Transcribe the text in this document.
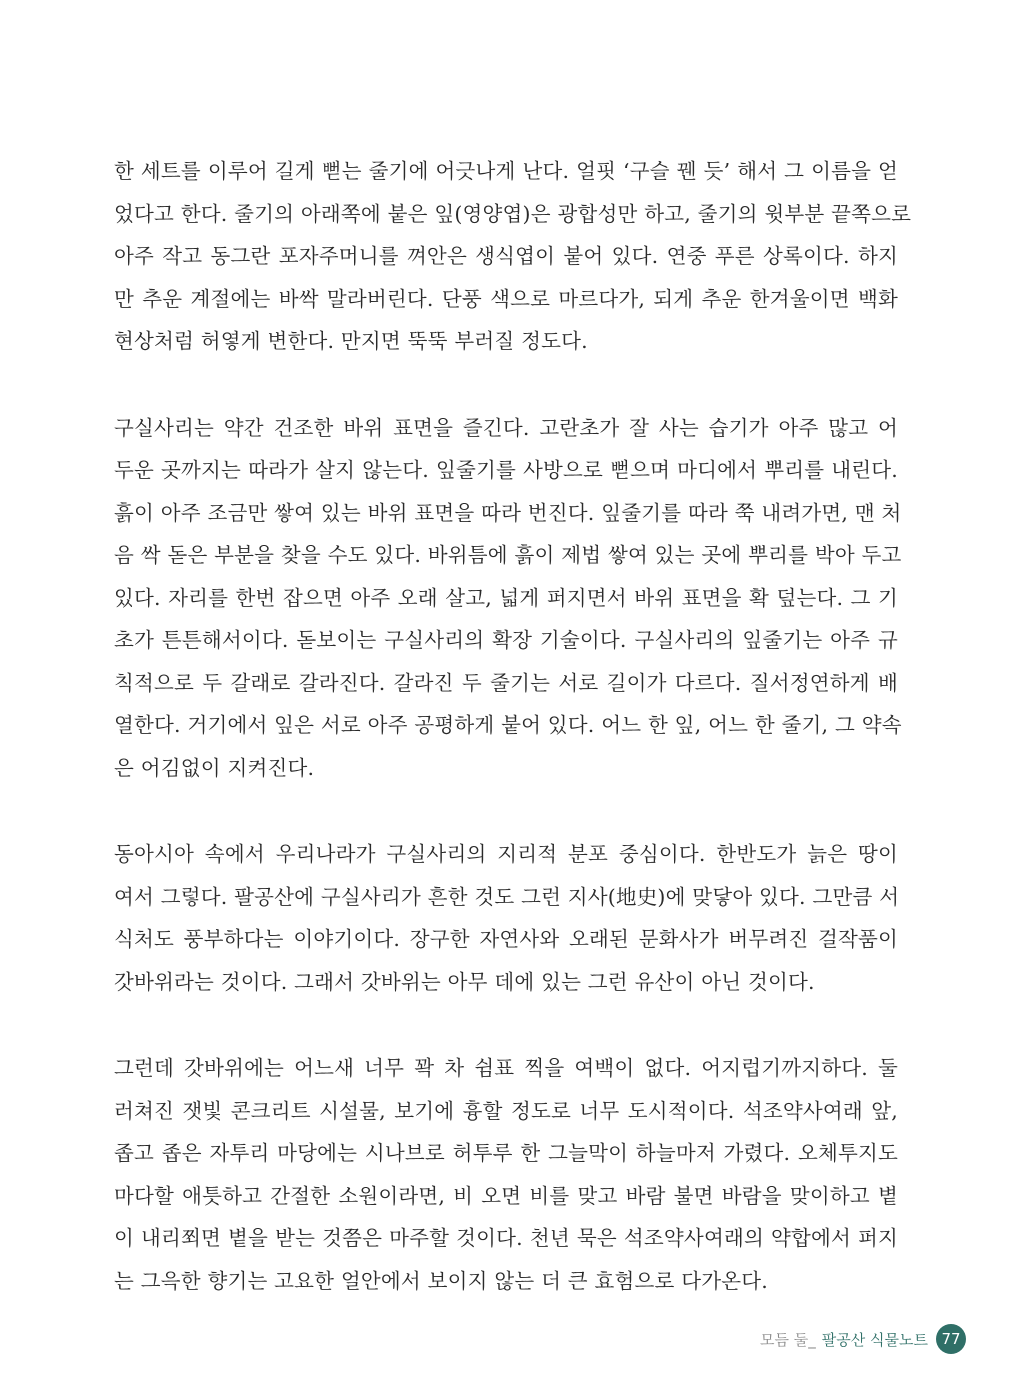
한 세트를 이루어 길게 뻗는 줄기에 어긋나게 난다. 얼핏 ‘구슬 꿴 듯’ 해서 그 이름을 얻
었다고 한다. 줄기의 아래쪽에 붙은 잎(영양엽)은 광합성만 하고, 줄기의 윗부분 끝쪽으로
아주 작고 동그란 포자주머니를 껴안은 생식엽이 붙어 있다. 연중 푸른 상록이다. 하지
만 추운 계절에는 바싹 말라버린다. 단풍 색으로 마르다가, 되게 추운 한겨울이면 백화
현상처럼 허옇게 변한다. 만지면 뚝뚝 부러질 정도다.

구실사리는 약간 건조한 바위 표면을 즐긴다. 고란초가 잘 사는 습기가 아주 많고 어
두운 곳까지는 따라가 살지 않는다. 잎줄기를 사방으로 뻗으며 마디에서 뿌리를 내린다.
흙이 아주 조금만 쌓여 있는 바위 표면을 따라 번진다. 잎줄기를 따라 쭉 내려가면, 맨 처
음 싹 돋은 부분을 찾을 수도 있다. 바위틈에 흙이 제법 쌓여 있는 곳에 뿌리를 박아 두고
있다. 자리를 한번 잡으면 아주 오래 살고, 넓게 퍼지면서 바위 표면을 확 덮는다. 그 기
초가 튼튼해서이다. 돋보이는 구실사리의 확장 기술이다. 구실사리의 잎줄기는 아주 규
칙적으로 두 갈래로 갈라진다. 갈라진 두 줄기는 서로 길이가 다르다. 질서정연하게 배
열한다. 거기에서 잎은 서로 아주 공평하게 붙어 있다. 어느 한 잎, 어느 한 줄기, 그 약속
은 어김없이 지켜진다.

동아시아 속에서 우리나라가 구실사리의 지리적 분포 중심이다. 한반도가 늙은 땅이
여서 그렇다. 팔공산에 구실사리가 흔한 것도 그런 지사(地史)에 맞닿아 있다. 그만큼 서
식처도 풍부하다는 이야기이다. 장구한 자연사와 오래된 문화사가 버무려진 걸작품이
갓바위라는 것이다. 그래서 갓바위는 아무 데에 있는 그런 유산이 아닌 것이다.

그런데 갓바위에는 어느새 너무 꽉 차 쉼표 찍을 여백이 없다. 어지럽기까지하다. 둘
러쳐진 잿빛 콘크리트 시설물, 보기에 흉할 정도로 너무 도시적이다. 석조약사여래 앞,
좁고 좁은 자투리 마당에는 시나브로 허투루 한 그늘막이 하늘마저 가렸다. 오체투지도
마다할 애틋하고 간절한 소원이라면, 비 오면 비를 맞고 바람 불면 바람을 맞이하고 볕
이 내리쬐면 볕을 받는 것쯤은 마주할 것이다. 천년 묵은 석조약사여래의 약합에서 퍼지
는 그윽한 향기는 고요한 얼안에서 보이지 않는 더 큰 효험으로 다가온다.

모듬 둘_ 팔공산 식물노트 77
